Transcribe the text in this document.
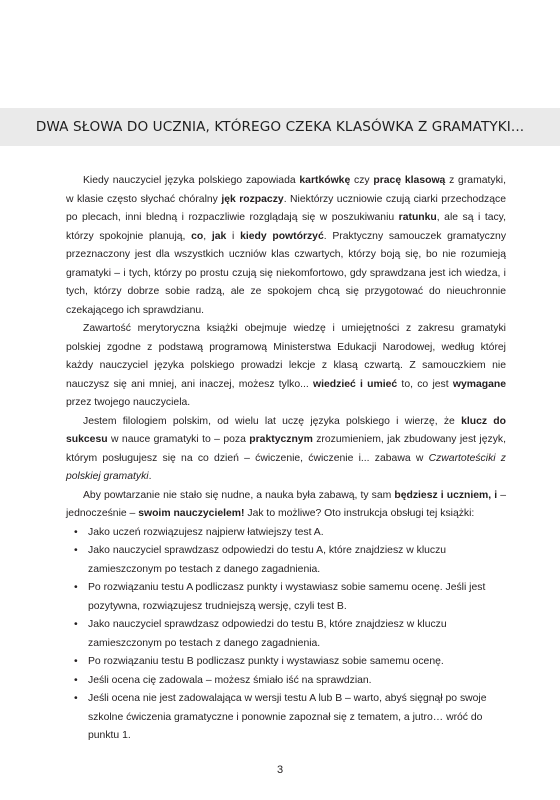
DWA SŁOWA DO UCZNIA, KTÓREGO CZEKA KLASÓWKA Z GRAMATYKI...

Kiedy nauczyciel języka polskiego zapowiada kartkówkę czy pracę klasową z gramatyki, w klasie często słychać chóralny jęk rozpaczy. Niektórzy uczniowie czują ciarki przechodzące po plecach, inni bledną i rozpaczliwie rozglądają się w poszukiwaniu ratunku, ale są i tacy, którzy spokojnie planują, co, jak i kiedy powtórzyć. Praktyczny samouczek gramatyczny przeznaczony jest dla wszystkich uczniów klas czwartych, którzy boją się, bo nie rozumieją gramatyki – i tych, którzy po prostu czują się niekomfortowo, gdy sprawdzana jest ich wiedza, i tych, którzy dobrze sobie radzą, ale ze spokojem chcą się przygotować do nieuchronnie czekającego ich sprawdzianu.

Zawartość merytoryczna książki obejmuje wiedzę i umiejętności z zakresu gramatyki polskiej zgodne z podstawą programową Ministerstwa Edukacji Narodowej, według której każdy nauczyciel języka polskiego prowadzi lekcje z klasą czwartą. Z samouczkiem nie nauczysz się ani mniej, ani inaczej, możesz tylko... wiedzieć i umieć to, co jest wymagane przez twojego nauczyciela.

Jestem filologiem polskim, od wielu lat uczę języka polskiego i wierzę, że klucz do sukcesu w nauce gramatyki to – poza praktycznym zrozumieniem, jak zbudowany jest język, którym posługujesz się na co dzień – ćwiczenie, ćwiczenie i... zabawa w Czwartoteściki z polskiej gramatyki.

Aby powtarzanie nie stało się nudne, a nauka była zabawą, ty sam będziesz i uczniem, i – jednocześnie – swoim nauczycielem! Jak to możliwe? Oto instrukcja obsługi tej książki:

• Jako uczeń rozwiązujesz najpierw łatwiejszy test A.
• Jako nauczyciel sprawdzasz odpowiedzi do testu A, które znajdziesz w kluczu zamieszczonym po testach z danego zagadnienia.
• Po rozwiązaniu testu A podliczasz punkty i wystawiasz sobie samemu ocenę. Jeśli jest pozytywna, rozwiązujesz trudniejszą wersję, czyli test B.
• Jako nauczyciel sprawdzasz odpowiedzi do testu B, które znajdziesz w kluczu zamieszczonym po testach z danego zagadnienia.
• Po rozwiązaniu testu B podliczasz punkty i wystawiasz sobie samemu ocenę.
• Jeśli ocena cię zadowala – możesz śmiało iść na sprawdzian.
• Jeśli ocena nie jest zadowalająca w wersji testu A lub B – warto, abyś sięgnął po swoje szkolne ćwiczenia gramatyczne i ponownie zapoznał się z tematem, a jutro… wróć do punktu 1.
3
